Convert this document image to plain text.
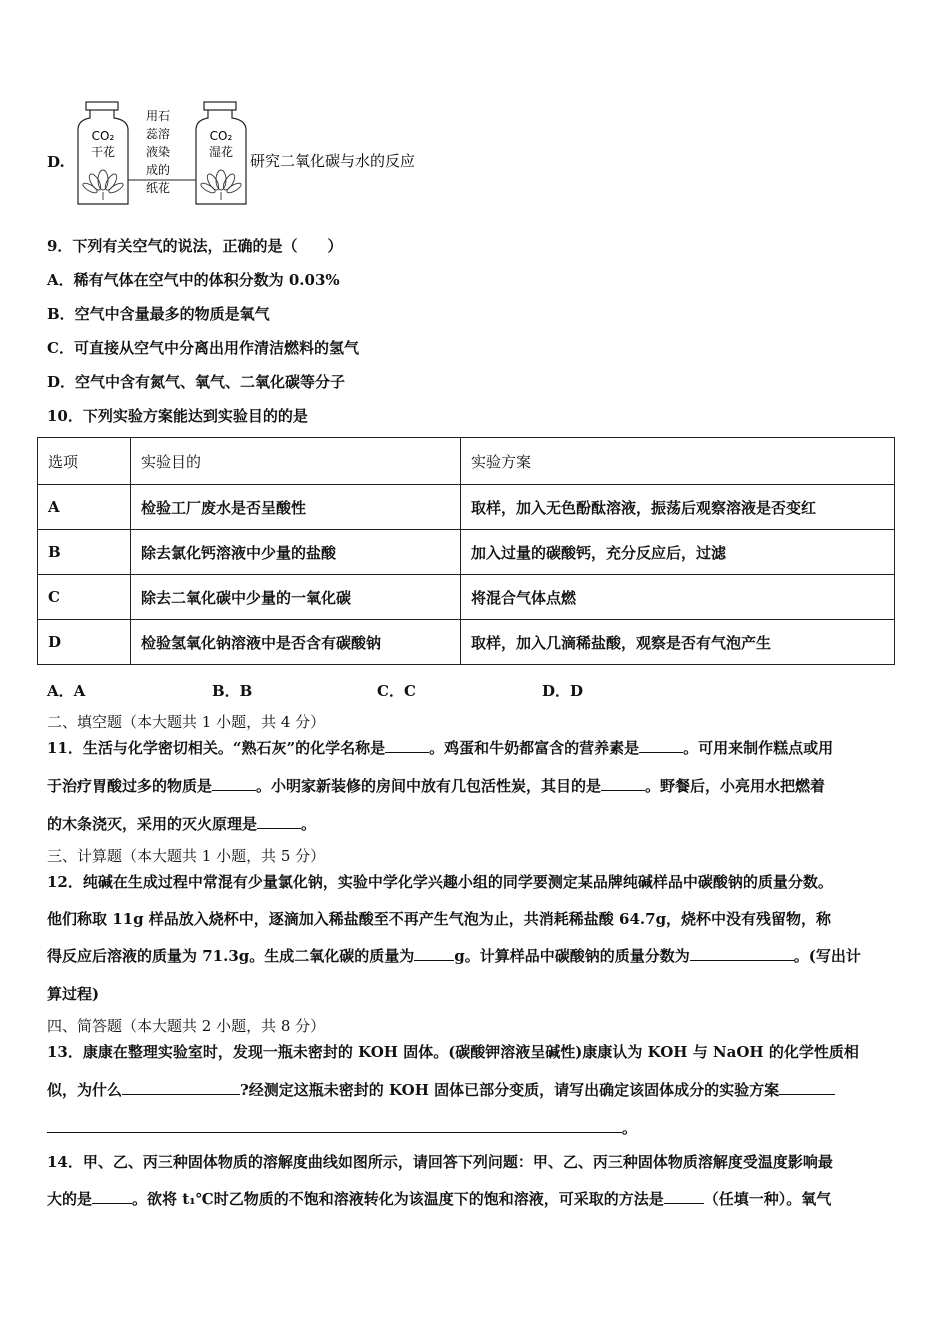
D.
CO₂
干花
用石
蕊溶
液染
成的
纸花
CO₂
湿花 研究二氧化碳与水的反应
9．下列有关空气的说法，正确的是（　　）
A．稀有气体在空气中的体积分数为 0.03%
B．空气中含量最多的物质是氧气
C．可直接从空气中分离出用作清洁燃料的氢气
D．空气中含有氮气、氧气、二氧化碳等分子
10．下列实验方案能达到实验目的的是
选项	实验目的	实验方案
A	检验工厂废水是否呈酸性	取样，加入无色酚酞溶液，振荡后观察溶液是否变红
B	除去氯化钙溶液中少量的盐酸	加入过量的碳酸钙，充分反应后，过滤
C	除去二氧化碳中少量的一氧化碳	将混合气体点燃
D	检验氢氧化钠溶液中是否含有碳酸钠	取样，加入几滴稀盐酸，观察是否有气泡产生
A．A	B．B	C．C	D．D
二、填空题（本大题共 1 小题，共 4 分）
11．生活与化学密切相关。“熟石灰”的化学名称是	。鸡蛋和牛奶都富含的营养素是	。可用来制作糕点或用
于治疗胃酸过多的物质是	。小明家新装修的房间中放有几包活性炭，其目的是	。野餐后，小亮用水把燃着
的木条浇灭，采用的灭火原理是	。
三、计算题（本大题共 1 小题，共 5 分）
12．纯碱在生成过程中常混有少量氯化钠，实验中学化学兴趣小组的同学要测定某品牌纯碱样品中碳酸钠的质量分数。
他们称取 11g 样品放入烧杯中，逐滴加入稀盐酸至不再产生气泡为止，共消耗稀盐酸 64.7g，烧杯中没有残留物，称
得反应后溶液的质量为 71.3g。生成二氧化碳的质量为	g。计算样品中碳酸钠的质量分数为	。(写出计
算过程)
四、简答题（本大题共 2 小题，共 8 分）
13．康康在整理实验室时，发现一瓶未密封的 KOH 固体。(碳酸钾溶液呈碱性)康康认为 KOH 与 NaOH 的化学性质相
似，为什么	?经测定这瓶未密封的 KOH 固体已部分变质，请写出确定该固体成分的实验方案
。
14．甲、乙、丙三种固体物质的溶解度曲线如图所示，请回答下列问题：甲、乙、丙三种固体物质溶解度受温度影响最
大的是	。欲将 t₁℃时乙物质的不饱和溶液转化为该温度下的饱和溶液，可采取的方法是	（任填一种）。氧气
